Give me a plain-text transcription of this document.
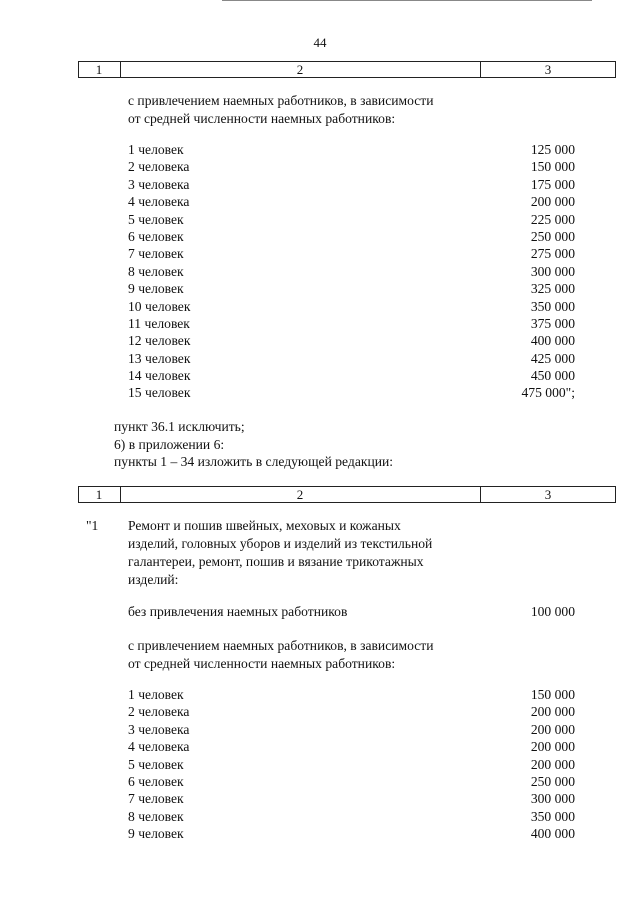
44
1	2	3
с привлечением наемных работников, в зависимости
от средней численности наемных работников:
1 человек	125 000
2 человека	150 000
3 человека	175 000
4 человека	200 000
5 человек	225 000
6 человек	250 000
7 человек	275 000
8 человек	300 000
9 человек	325 000
10 человек	350 000
11 человек	375 000
12 человек	400 000
13 человек	425 000
14 человек	450 000
15 человек	475 000";
пункт 36.1 исключить;
6) в приложении 6:
пункты 1 – 34 изложить в следующей редакции:
1	2	3
"1 Ремонт и пошив швейных, меховых и кожаных
изделий, головных уборов и изделий из текстильной
галантереи, ремонт, пошив и вязание трикотажных
изделий:
без привлечения наемных работников	100 000
с привлечением наемных работников, в зависимости
от средней численности наемных работников:
1 человек	150 000
2 человека	200 000
3 человека	200 000
4 человека	200 000
5 человек	200 000
6 человек	250 000
7 человек	300 000
8 человек	350 000
9 человек	400 000
